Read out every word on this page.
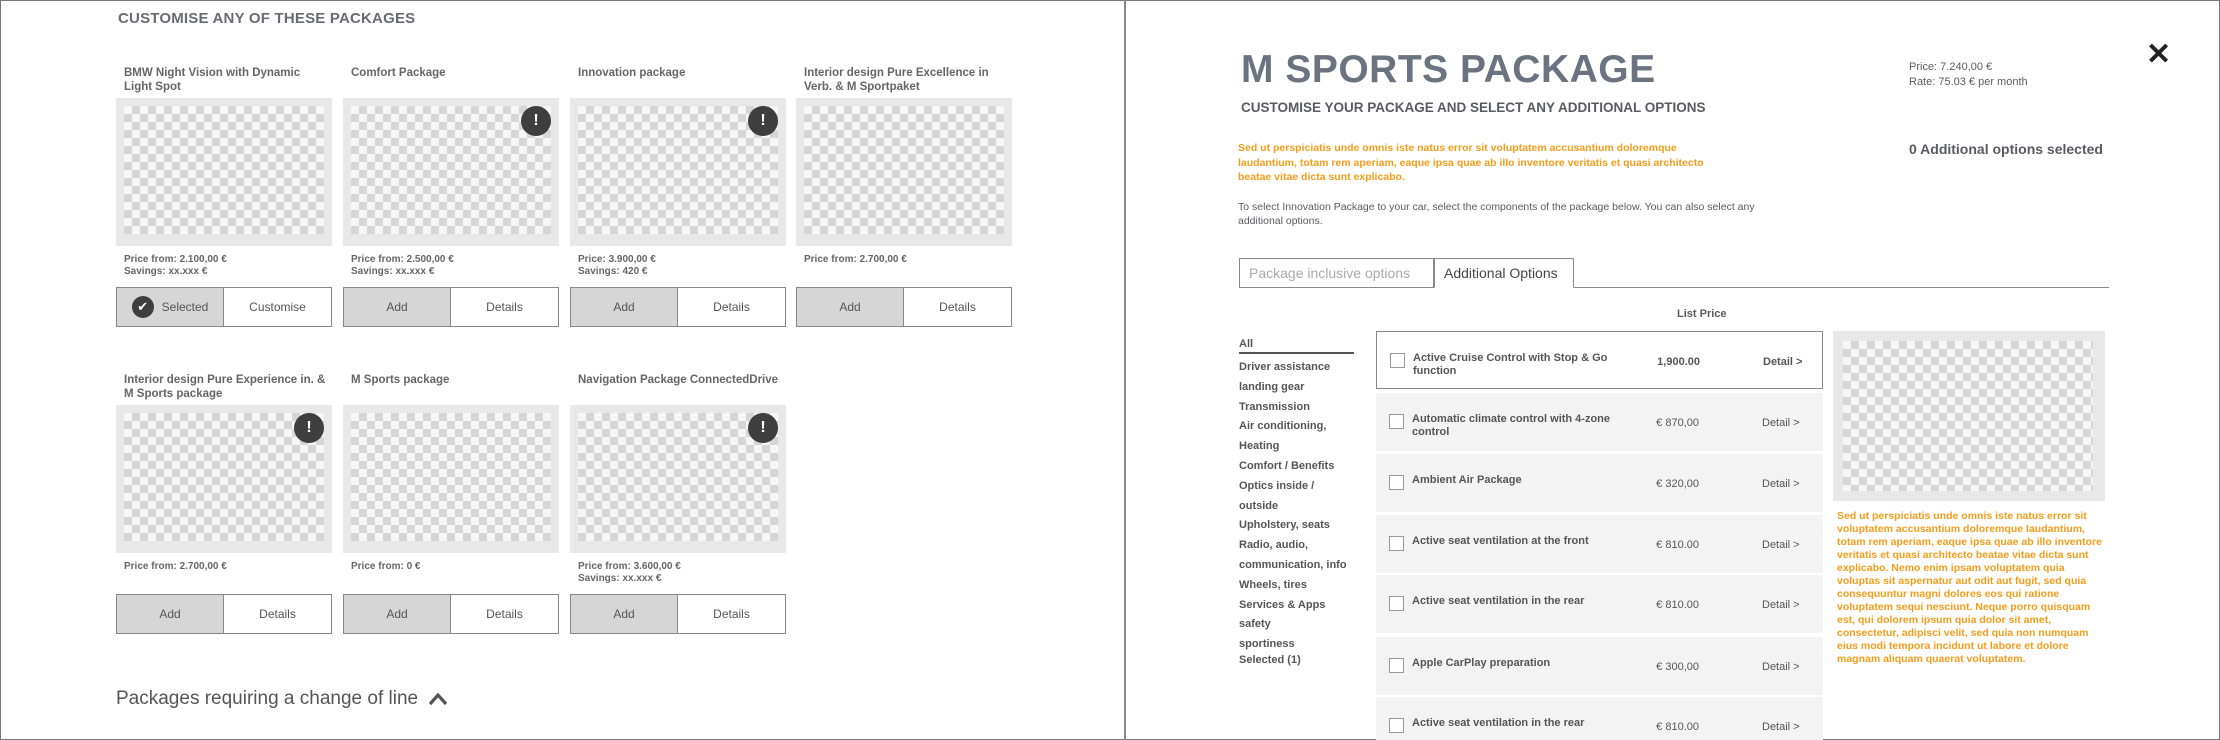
CUSTOMISE ANY OF THESE PACKAGES
BMW Night Vision with Dynamic Light Spot
Price from: 2.100,00 €
Savings: xx.xxx €
✔	Selected	Customise
Comfort Package
!
Price from: 2.500,00 €
Savings: xx.xxx €
Add	Details
Innovation package
!
Price: 3.900,00 €
Savings: 420 €
Add	Details
Interior design Pure Excellence in Verb. & M Sportpaket
Price from: 2.700,00 €
Add	Details
Interior design Pure Experience in. & M Sports package
!
Price from: 2.700,00 €
Add	Details
M Sports package
Price from: 0 €
Add	Details
Navigation Package ConnectedDrive
!
Price from: 3.600,00 €
Savings: xx.xxx €
Add	Details
Packages requiring a change of line
M SPORTS PACKAGE
CUSTOMISE YOUR PACKAGE AND SELECT ANY ADDITIONAL OPTIONS
Price: 7.240,00 €
Rate: 75.03 € per month
✕
Sed ut perspiciatis unde omnis iste natus error sit voluptatem accusantium doloremque laudantium, totam rem aperiam, eaque ipsa quae ab illo inventore veritatis et quasi architecto beatae vitae dicta sunt explicabo.
0 Additional options selected
To select Innovation Package to your car, select the components of the package below. You can also select any additional options.
Package inclusive options	Additional Options
List Price
All
Driver assistance
landing gear
Transmission
Air conditioning,
Heating
Comfort / Benefits
Optics inside / outside
Upholstery, seats
Radio, audio,
communication, info
Wheels, tires
Services & Apps
safety
sportiness
Selected (1)
Active Cruise Control with Stop & Go function
1,900.00	Detail >
Automatic climate control with 4-zone control
€ 870,00	Detail >
Ambient Air Package	€ 320,00	Detail >
Active seat ventilation at the front	€ 810.00	Detail >
Active seat ventilation in the rear	€ 810.00	Detail >
Apple CarPlay preparation	€ 300,00	Detail >
Active seat ventilation in the rear	€ 810.00	Detail >
Sed ut perspiciatis unde omnis iste natus error sit voluptatem accusantium doloremque laudantium, totam rem aperiam, eaque ipsa quae ab illo inventore veritatis et quasi architecto beatae vitae dicta sunt explicabo. Nemo enim ipsam voluptatem quia voluptas sit aspernatur aut odit aut fugit, sed quia consequuntur magni dolores eos qui ratione voluptatem sequi nesciunt. Neque porro quisquam est, qui dolorem ipsum quia dolor sit amet, consectetur, adipisci velit, sed quia non numquam eius modi tempora incidunt ut labore et dolore magnam aliquam quaerat voluptatem.
